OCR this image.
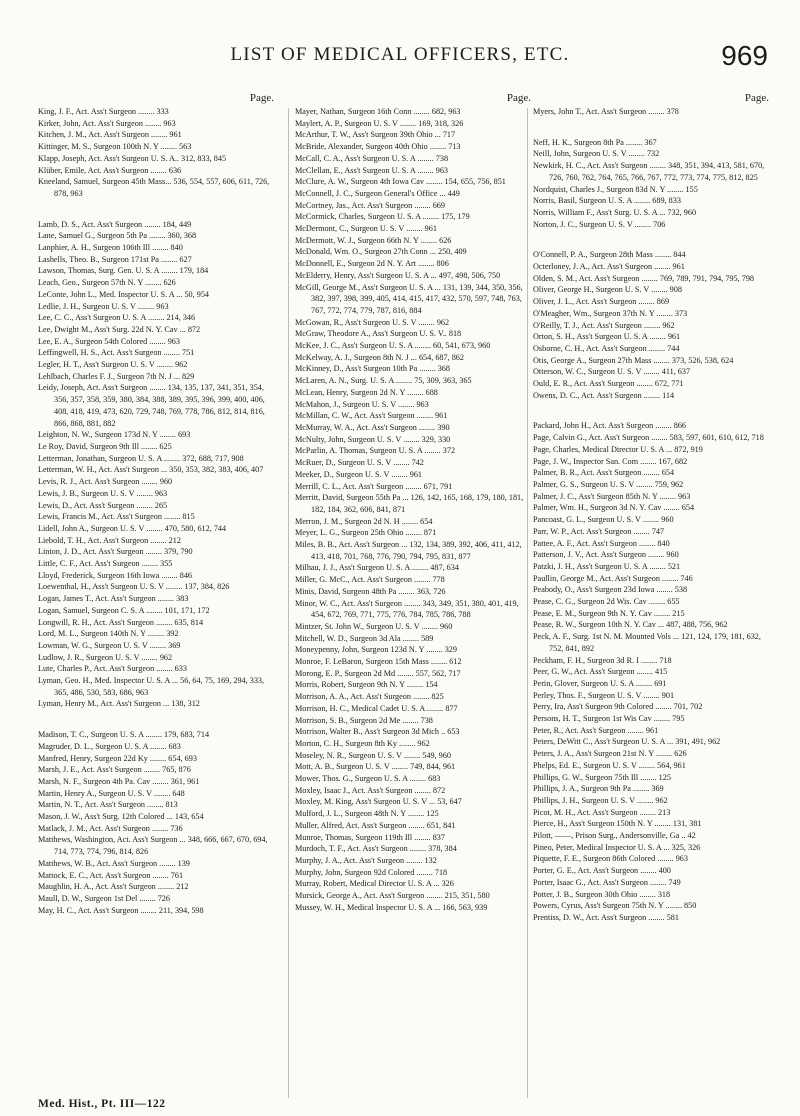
LIST OF MEDICAL OFFICERS, ETC.	969
Page.
King, J. F., Act. Ass't Surgeon ........ 333
Kirker, John, Act. Ass't Surgeon ........ 963
Kitchen, J. M., Act. Ass't Surgeon ........ 961
Kittinger, M. S., Surgeon 100th N. Y ........ 563
Klapp, Joseph, Act. Ass't Surgeon U. S. A.. 312, 833, 845
Klüber, Emile, Act. Ass't Surgeon ........ 636
Kneeland, Samuel, Surgeon 45th Mass... 536, 554, 557, 606, 611, 726, 878, 963
Lamb, D. S., Act. Ass't Surgeon ........ 184, 449
Lane, Samuel G., Surgeon 5th Pa ........ 360, 368
Lanphier, A. H., Surgeon 106th Ill ........ 840
Lashells, Theo. B., Surgeon 171st Pa ........ 627
Lawson, Thomas, Surg. Gen. U. S. A ........ 179, 184
Leach, Geo., Surgeon 57th N. Y ........ 626
LeConte, John L., Med. Inspector U. S. A ... 50, 954
Ledlie, J. H., Surgeon U. S. V ........ 963
Lee, C. C., Ass't Surgeon U. S. A ........ 214, 346
Lee, Dwight M., Ass't Surg. 22d N. Y. Cav ... 872
Lee, E. A., Surgeon 54th Colored ........ 963
Leffingwell, H. S., Act. Ass't Surgeon ........ 751
Legler, H. T., Ass't Surgeon U. S. V ........ 962
Lehlbach, Charles F. J., Surgeon 7th N. J ... 829
Leidy, Joseph, Act. Ass't Surgeon ........ 134, 135, 137, 341, 351, 354, 356, 357, 358, 359, 380, 384, 388, 389, 395, 396, 399, 400, 406, 408, 418, 419, 473, 620, 729, 748, 769, 778, 786, 812, 814, 816, 866, 868, 881, 882
Leighton, N. W., Surgeon 173d N. Y ........ 693
Le Roy, David, Surgeon 9th Ill ........ 625
Letterman, Jonathan, Surgeon U. S. A ........ 372, 688, 717, 908
Letterman, W. H., Act. Ass't Surgeon ... 350, 353, 382, 383, 406, 407
Levis, R. J., Act. Ass't Surgeon ........ 960
Lewis, J. B., Surgeon U. S. V ........ 963
Lewis, D., Act. Ass't Surgeon ........ 265
Lewis, Francis M., Act. Ass't Surgeon ........ 815
Lidell, John A., Surgeon U. S. V ........ 470, 580, 612, 744
Liebold, T. H., Act. Ass't Surgeon ........ 212
Linton, J. D., Act. Ass't Surgeon ........ 379, 790
Little, C. F., Act. Ass't Surgeon ........ 355
Lloyd, Frederick, Surgeon 16th Iowa ........ 846
Loewenthal, H., Ass't Surgeon U. S. V ........ 137, 384, 826
Logan, James T., Act. Ass't Surgeon ........ 383
Logan, Samuel, Surgeon C. S. A ........ 101, 171, 172
Longwill, R. H., Act. Ass't Surgeon ........ 635, 814
Lord, M. L., Surgeon 140th N. Y ........ 392
Lowman, W. G., Surgeon U. S. V ........ 369
Ludlow, J. R., Surgeon U. S. V ........ 962
Lute, Charles P., Act. Ass't Surgeon ........ 633
Lyman, Geo. H., Med. Inspector U. S. A ... 56, 64, 75, 169, 294, 333, 365, 486, 530, 583, 686, 963
Lyman, Henry M., Act. Ass't Surgeon ... 138, 312
Madison, T. C., Surgeon U. S. A ........ 179, 683, 714
Magruder, D. L., Surgeon U. S. A ........ 683
Manfred, Henry, Surgeon 22d Ky ........ 654, 693
Marsh, J. E., Act. Ass't Surgeon ........ 765, 876
Marsh, N. F., Surgeon 4th Pa. Cav ........ 361, 961
Martin, Henry A., Surgeon U. S. V ........ 648
Martin, N. T., Act. Ass't Surgeon ........ 813
Mason, J. W., Ass't Surg. 12th Colored ... 143, 654
Matlack, J. M., Act. Ass't Surgeon ........ 736
Matthews, Washington, Act. Ass't Surgeon ... 348, 666, 667, 670, 694, 714, 773, 774, 796, 814, 826
Matthews, W. B., Act. Ass't Surgeon ........ 139
Mattock, E. C., Act. Ass't Surgeon ........ 761
Maughlin, H. A., Act. Ass't Surgeon ........ 212
Maull, D. W., Surgeon 1st Del ........ 726
May, H. C., Act. Ass't Surgeon ........ 211, 394, 598
Page.
Mayer, Nathan, Surgeon 16th Conn ........ 682, 963
Maylert, A. P., Surgeon U. S. V ........ 169, 318, 326
McArthur, T. W., Ass't Surgeon 39th Ohio ... 717
McBride, Alexander, Surgeon 40th Ohio ........ 713
McCall, C. A., Ass't Surgeon U. S. A ........ 738
McClellan, E., Ass't Surgeon U. S. A ........ 963
McClure, A. W., Surgeon 4th Iowa Cav ........ 154, 655, 756, 851
McConnell, J. C., Surgeon General's Office ... 449
McCortney, Jas., Act. Ass't Surgeon ........ 669
McCormick, Charles, Surgeon U. S. A ........ 175, 179
McDermont, C., Surgeon U. S. V ........ 961
McDermott, W. J., Surgeon 66th N. Y ........ 626
McDonald, Wm. O., Surgeon 27th Conn ... 250, 409
McDonnell, E., Surgeon 2d N. Y. Art ........ 806
McElderry, Henry, Ass't Surgeon U. S. A ... 497, 498, 506, 750
McGill, George M., Ass't Surgeon U. S. A ... 131, 139, 344, 350, 356, 382, 397, 398, 399, 405, 414, 415, 417, 432, 570, 597, 748, 763, 767, 772, 774, 779, 787, 816, 884
McGowan, R., Ass't Surgeon U. S. V ........ 962
McGraw, Theodore A., Ass't Surgeon U. S. V.. 818
McKee, J. C., Ass't Surgeon U. S. A ........ 60, 541, 673, 960
McKelway, A. J., Surgeon 8th N. J ... 654, 687, 862
McKinney, D., Ass't Surgeon 10th Pa ........ 368
McLaren, A. N., Surg. U. S. A ........ 75, 309, 363, 365
McLean, Henry, Surgeon 2d N. Y ........ 688
McMahon, J., Surgeon U. S. V ........ 963
McMillan, C. W., Act. Ass't Surgeon ........ 961
McMurray, W. A., Act. Ass't Surgeon ........ 390
McNulty, John, Surgeon U. S. V ........ 329, 330
McParlin, A. Thomas, Surgeon U. S. A ........ 372
McRuer, D., Surgeon U. S. V ........ 742
Meeker, D., Surgeon U. S. V ........ 961
Merrill, C. L., Act. Ass't Surgeon ........ 671, 791
Merritt, David, Surgeon 55th Pa ... 126, 142, 165, 168, 179, 180, 181, 182, 184, 362, 606, 841, 871
Merron, J. M., Surgeon 2d N. H ........ 654
Meyer, L. G., Surgeon 25th Ohio ........ 871
Miles, B. B., Act. Ass't Surgeon ... 132, 134, 389, 392, 406, 411, 412, 413, 418, 701, 768, 776, 790, 794, 795, 831, 877
Milhau, J. J., Ass't Surgeon U. S. A ........ 487, 634
Miller, G. McC., Act. Ass't Surgeon ........ 778
Minis, David, Surgeon 48th Pa ........ 363, 726
Minor, W. C., Act. Ass't Surgeon ........ 343, 349, 351, 380, 401, 419, 454, 672, 769, 771, 775, 776, 784, 785, 786, 788
Mintzer, St. John W., Surgeon U. S. V ........ 960
Mitchell, W. D., Surgeon 3d Ala ........ 589
Moneypenny, John, Surgeon 123d N. Y ........ 329
Monroe, F. LeBaron, Surgeon 15th Mass ........ 612
Morong, E. P., Surgeon 2d Md ........ 557, 562, 717
Morris, Robert, Surgeon 9th N. Y ........ 154
Morrison, A. A., Act. Ass't Surgeon ........ 825
Morrison, H. C., Medical Cadet U. S. A ........ 877
Morrison, S. B., Surgeon 2d Me ........ 738
Morrison, Walter B., Ass't Surgeon 3d Mich .. 653
Morton, C. H., Surgeon 8th Ky ........ 962
Moseley, N. R., Surgeon U. S. V ........ 549, 960
Mott, A. B., Surgeon U. S. V ........ 749, 844, 961
Mower, Thos. G., Surgeon U. S. A ........ 683
Moxley, Isaac J., Act. Ass't Surgeon ........ 872
Moxley, M. King, Ass't Surgeon U. S. V ... 53, 647
Mulford, J. L., Surgeon 48th N. Y ........ 125
Muller, Alfred, Act. Ass't Surgeon ........ 651, 841
Munroe, Thomas, Surgeon 119th Ill ........ 837
Murdoch, T. F., Act. Ass't Surgeon ........ 378, 384
Murphy, J. A., Act. Ass't Surgeon ........ 132
Murphy, John, Surgeon 92d Colored ........ 718
Murray, Robert, Medical Director U. S. A ... 326
Mursick, George A., Act. Ass't Surgeon ........ 215, 351, 580
Mussey, W. H., Medical Inspector U. S. A ... 166, 563, 939
Page.
Myers, John T., Act. Ass't Surgeon ........ 378
Neff, H. K., Surgeon 8th Pa ........ 367
Neill, John, Surgeon U. S. V ........ 732
Newkirk, H. C., Act. Ass't Surgeon ........ 348, 351, 394, 413, 581, 670, 726, 760, 762, 764, 765, 766, 767, 772, 773, 774, 775, 812, 825
Nordquist, Charles J., Surgeon 83d N. Y ........ 155
Norris, Basil, Surgeon U. S. A ........ 689, 833
Norris, William F., Ass't Surg. U. S. A ... 732, 960
Norton, J. C., Surgeon U. S. V ........ 706
O'Connell, P. A., Surgeon 28th Mass ........ 844
Octerloney, J. A., Act. Ass't Surgeon ........ 961
Olden, S. M., Act. Ass't Surgeon ........ 769, 789, 791, 794, 795, 798
Oliver, George H., Surgeon U. S. V ........ 908
Oliver, J. L., Act. Ass't Surgeon ........ 869
O'Meagher, Wm., Surgeon 37th N. Y ........ 373
O'Reilly, T. J., Act. Ass't Surgeon ........ 962
Orton, S. H., Ass't Surgeon U. S. A ........ 961
Osborne, C. H., Act. Ass't Surgeon ........ 744
Otis, George A., Surgeon 27th Mass ........ 373, 526, 538, 624
Otterson, W. C., Surgeon U. S. V ........ 411, 637
Ould, E. R., Act. Ass't Surgeon ........ 672, 771
Owens, D. C., Act. Ass't Surgeon ........ 114
Packard, John H., Act. Ass't Surgeon ........ 866
Page, Calvin G., Act. Ass't Surgeon ........ 583, 597, 601, 610, 612, 718
Page, Charles, Medical Director U. S. A ... 872, 919
Page, J. W., Inspector San. Com ........ 167, 682
Palmer, B. R., Act. Ass't Surgeon ........ 654
Palmer, G. S., Surgeon U. S. V ........ 759, 962
Palmer, J. C., Ass't Surgeon 85th N. Y ........ 963
Palmer, Wm. H., Surgeon 3d N. Y. Cav ........ 654
Pancoast, G. L., Surgeon U. S. V ........ 960
Parr, W. P., Act. Ass't Surgeon ........ 747
Pattee, A. F., Act. Ass't Surgeon ........ 840
Patterson, J. V., Act. Ass't Surgeon ........ 960
Patzki, J. H., Ass't Surgeon U. S. A ........ 521
Paullin, George M., Act. Ass't Surgeon ........ 746
Peabody, O., Ass't Surgeon 23d Iowa ........ 538
Pease, C. G., Surgeon 2d Wis. Cav ........ 655
Pease, E. M., Surgeon 9th N. Y. Cav ........ 215
Pease, R. W., Surgeon 10th N. Y. Cav ... 487, 488, 756, 962
Peck, A. F., Surg. 1st N. M. Mounted Vols ... 121, 124, 179, 181, 632, 752, 841, 892
Peckham, F. H., Surgeon 3d R. I ........ 718
Peer, G. W., Act. Ass't Surgeon ........ 415
Perin, Glover, Surgeon U. S. A ........ 691
Perley, Thos. F., Surgeon U. S. V ........ 901
Perry, Ira, Ass't Surgeon 9th Colored ........ 701, 702
Persons, H. T., Surgeon 1st Wis Cav ........ 795
Peter, R., Act. Ass't Surgeon ........ 961
Peters, DeWitt C., Ass't Surgeon U. S. A ... 391, 491, 962
Peters, J. A., Ass't Surgeon 21st N. Y ........ 626
Phelps, Ed. E., Surgeon U. S. V ........ 564, 961
Phillips, G. W., Surgeon 75th Ill ........ 125
Phillips, J. A., Surgeon 9th Pa ........ 369
Phillips, J. H., Surgeon U. S. V ........ 962
Picot, M. H., Act. Ass't Surgeon ........ 213
Pierce, H., Ass't Surgeon 150th N. Y ........ 131, 381
Pilott, ——, Prison Surg., Andersonville, Ga .. 42
Pineo, Peter, Medical Inspector U. S. A ... 325, 326
Piquette, F. E., Surgeon 86th Colored ........ 963
Porter, G. E., Act. Ass't Surgeon ........ 400
Porter, Isaac G., Act. Ass't Surgeon ........ 749
Potter, J. B., Surgeon 30th Ohio ........ 318
Powers, Cyrus, Ass't Surgeon 75th N. Y ........ 850
Prentiss, D. W., Act. Ass't Surgeon ........ 581
Med. Hist., Pt. III—122
